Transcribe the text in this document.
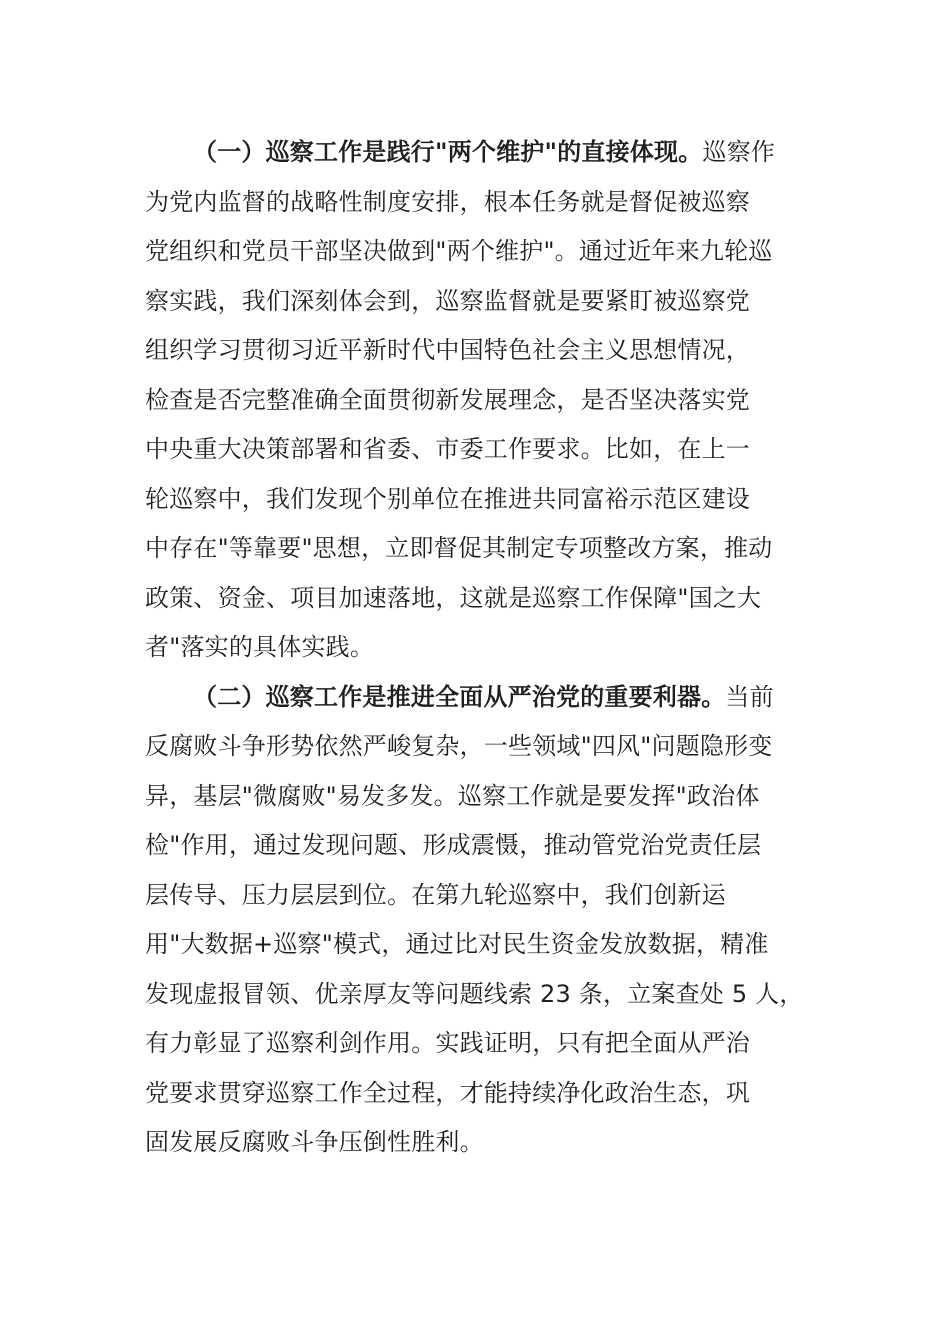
（一）巡察工作是践行"两个维护"的直接体现。巡察作
为党内监督的战略性制度安排，根本任务就是督促被巡察
党组织和党员干部坚决做到"两个维护"。通过近年来九轮巡
察实践，我们深刻体会到，巡察监督就是要紧盯被巡察党
组织学习贯彻习近平新时代中国特色社会主义思想情况，
检查是否完整准确全面贯彻新发展理念，是否坚决落实党
中央重大决策部署和省委、市委工作要求。比如，在上一
轮巡察中，我们发现个别单位在推进共同富裕示范区建设
中存在"等靠要"思想，立即督促其制定专项整改方案，推动
政策、资金、项目加速落地，这就是巡察工作保障"国之大
者"落实的具体实践。
（二）巡察工作是推进全面从严治党的重要利器。当前
反腐败斗争形势依然严峻复杂，一些领域"四风"问题隐形变
异，基层"微腐败"易发多发。巡察工作就是要发挥"政治体
检"作用，通过发现问题、形成震慑，推动管党治党责任层
层传导、压力层层到位。在第九轮巡察中，我们创新运
用"大数据+巡察"模式，通过比对民生资金发放数据，精准
发现虚报冒领、优亲厚友等问题线索 23 条，立案查处 5 人，
有力彰显了巡察利剑作用。实践证明，只有把全面从严治
党要求贯穿巡察工作全过程，才能持续净化政治生态，巩
固发展反腐败斗争压倒性胜利。
